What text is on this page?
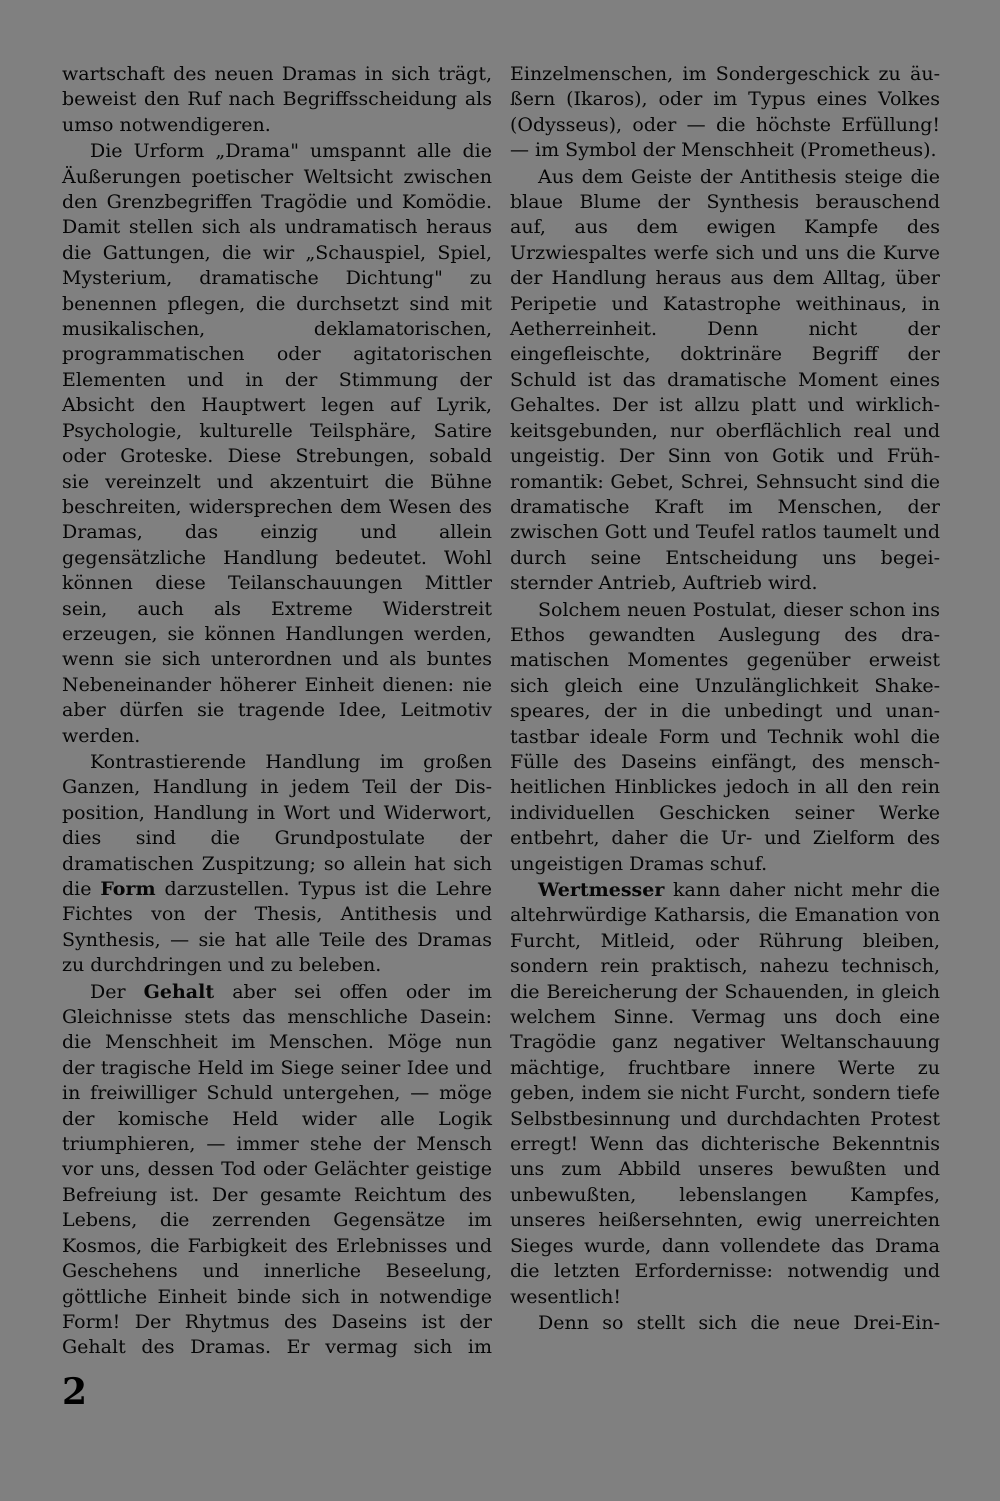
wartschaft des neuen Dramas in sich trägt, beweist den Ruf nach Begriffsscheidung als umso notwendigeren.

Die Urform „Drama" umspannt alle die Äußerungen poetischer Weltsicht zwischen den Grenzbegriffen Tragödie und Komödie. Damit stellen sich als undramatisch heraus die Gattungen, die wir „Schauspiel, Spiel, Mysterium, dramatische Dichtung" zu benennen pflegen, die durchsetzt sind mit musikalischen, deklamatorischen, programmatischen oder agitatorischen Elementen und in der Stimmung der Absicht den Hauptwert legen auf Lyrik, Psychologie, kulturelle Teilsphäre, Satire oder Groteske. Diese Strebungen, sobald sie vereinzelt und akzentuirt die Bühne beschreiten, widersprechen dem Wesen des Dramas, das einzig und allein gegensätzliche Handlung bedeutet. Wohl können diese Teilanschauungen Mittler sein, auch als Extreme Widerstreit erzeugen, sie können Handlungen werden, wenn sie sich unterordnen und als buntes Nebeneinander höherer Einheit dienen: nie aber dürfen sie tragende Idee, Leitmotiv werden.

Kontrastierende Handlung im großen Ganzen, Handlung in jedem Teil der Disposition, Handlung in Wort und Widerwort, dies sind die Grundpostulate der dramatischen Zuspitzung; so allein hat sich die Form darzustellen. Typus ist die Lehre Fichtes von der Thesis, Antithesis und Synthesis, — sie hat alle Teile des Dramas zu durchdringen und zu beleben.

Der Gehalt aber sei offen oder im Gleichnisse stets das menschliche Dasein: die Menschheit im Menschen. Möge nun der tragische Held im Siege seiner Idee und in freiwilliger Schuld untergehen, — möge der komische Held wider alle Logik triumphieren, — immer stehe der Mensch vor uns, dessen Tod oder Gelächter geistige Befreiung ist. Der gesamte Reichtum des Lebens, die zerrenden Gegensätze im Kosmos, die Farbigkeit des Erlebnisses und Geschehens und innerliche Beseelung, göttliche Einheit binde sich in notwendige Form! Der Rhytmus des Daseins ist der Gehalt des Dramas. Er vermag sich im

Einzelmenschen, im Sondergeschick zu äußern (Ikaros), oder im Typus eines Volkes (Odysseus), oder — die höchste Erfüllung! — im Symbol der Menschheit (Prometheus).

Aus dem Geiste der Antithesis steige die blaue Blume der Synthesis berauschend auf, aus dem ewigen Kampfe des Urzwiespaltes werfe sich und uns die Kurve der Handlung heraus aus dem Alltag, über Peripetie und Katastrophe weithinaus, in Aetherreinheit. Denn nicht der eingefleischte, doktrinäre Begriff der Schuld ist das dramatische Moment eines Gehaltes. Der ist allzu platt und wirklichkeitsgebunden, nur oberflächlich real und ungeistig. Der Sinn von Gotik und Frühromantik: Gebet, Schrei, Sehnsucht sind die dramatische Kraft im Menschen, der zwischen Gott und Teufel ratlos taumelt und durch seine Entscheidung uns begeisternder Antrieb, Auftrieb wird.

Solchem neuen Postulat, dieser schon ins Ethos gewandten Auslegung des dramatischen Momentes gegenüber erweist sich gleich eine Unzulänglichkeit Shakespeares, der in die unbedingt und unantastbar ideale Form und Technik wohl die Fülle des Daseins einfängt, des menschheitlichen Hinblickes jedoch in all den rein individuellen Geschicken seiner Werke entbehrt, daher die Ur- und Zielform des ungeistigen Dramas schuf.

Wertmesser kann daher nicht mehr die altehrwürdige Katharsis, die Emanation von Furcht, Mitleid, oder Rührung bleiben, sondern rein praktisch, nahezu technisch, die Bereicherung der Schauenden, in gleich welchem Sinne. Vermag uns doch eine Tragödie ganz negativer Weltanschauung mächtige, fruchtbare innere Werte zu geben, indem sie nicht Furcht, sondern tiefe Selbstbesinnung und durchdachten Protest erregt! Wenn das dichterische Bekenntnis uns zum Abbild unseres bewußten und unbewußten, lebenslangen Kampfes, unseres heißersehnten, ewig unerreichten Sieges wurde, dann vollendete das Drama die letzten Erfordernisse: notwendig und wesentlich!

Denn so stellt sich die neue Drei-Ein-

2
